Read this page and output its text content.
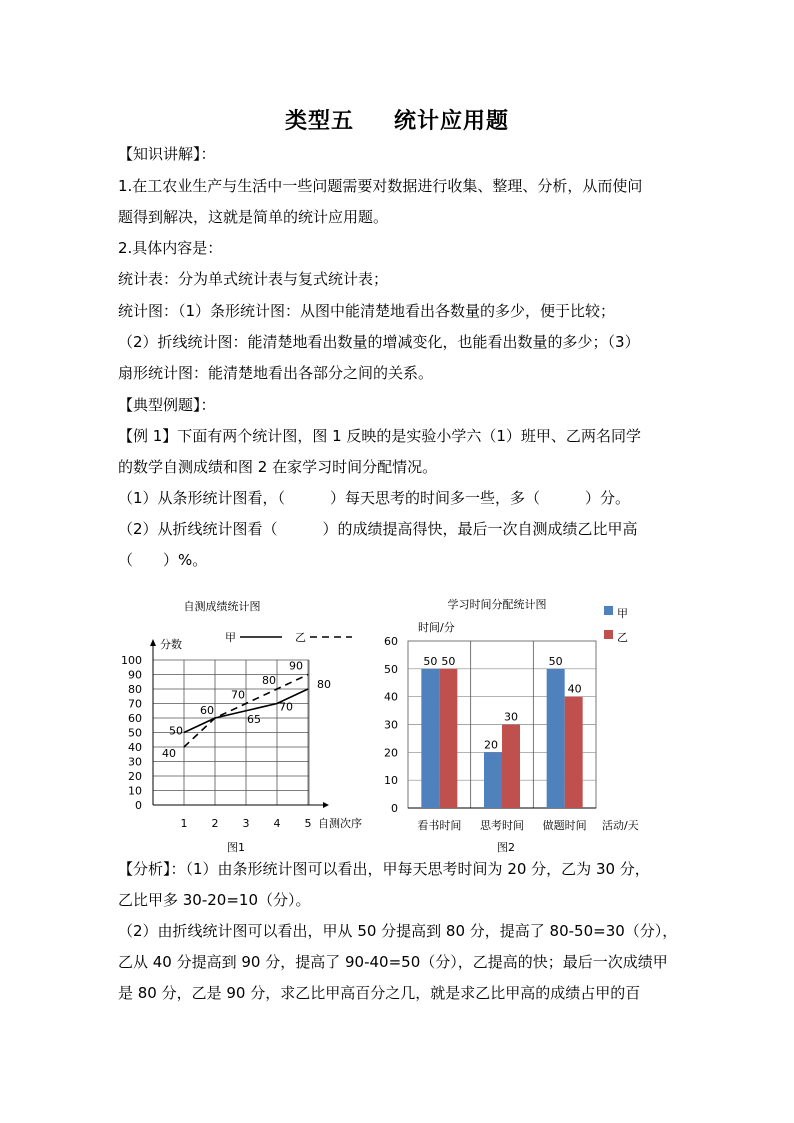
类型五 统计应用题
【知识讲解】：
1.在工农业生产与生活中一些问题需要对数据进行收集、整理、分析，从而使问
题得到解决，这就是简单的统计应用题。
2.具体内容是：
统计表：分为单式统计表与复式统计表；
统计图：（1）条形统计图：从图中能清楚地看出各数量的多少，便于比较；
（2）折线统计图：能清楚地看出数量的增减变化，也能看出数量的多少；（3）
扇形统计图：能清楚地看出各部分之间的关系。
【典型例题】：
【例 1】下面有两个统计图，图 1 反映的是实验小学六（1）班甲、乙两名同学
的数学自测成绩和图 2 在家学习时间分配情况。
（1）从条形统计图看，（　　　）每天思考的时间多一些，多（　　　）分。
（2）从折线统计图看（　　　）的成绩提高得快，最后一次自测成绩乙比甲高
（　　）%。
自测成绩统计图
0
10
20
30
40
50
60
70
80
90
100
1 2 3 4 5
分数
自测次序
图1
甲	乙
50
60
65
70
80
40
70
80
90
学习时间分配统计图
时间/分
0
10
20
30
40
50
60
看书时间
50 50
思考时间
20
30
做题时间
50
40
活动/天
图2
甲
乙
【分析】：（1）由条形统计图可以看出，甲每天思考时间为 20 分，乙为 30 分，
乙比甲多 30-20=10（分）。
（2）由折线统计图可以看出，甲从 50 分提高到 80 分，提高了 80-50=30（分），
乙从 40 分提高到 90 分，提高了 90-40=50（分），乙提高的快；最后一次成绩甲
是 80 分，乙是 90 分，求乙比甲高百分之几，就是求乙比甲高的成绩占甲的百
